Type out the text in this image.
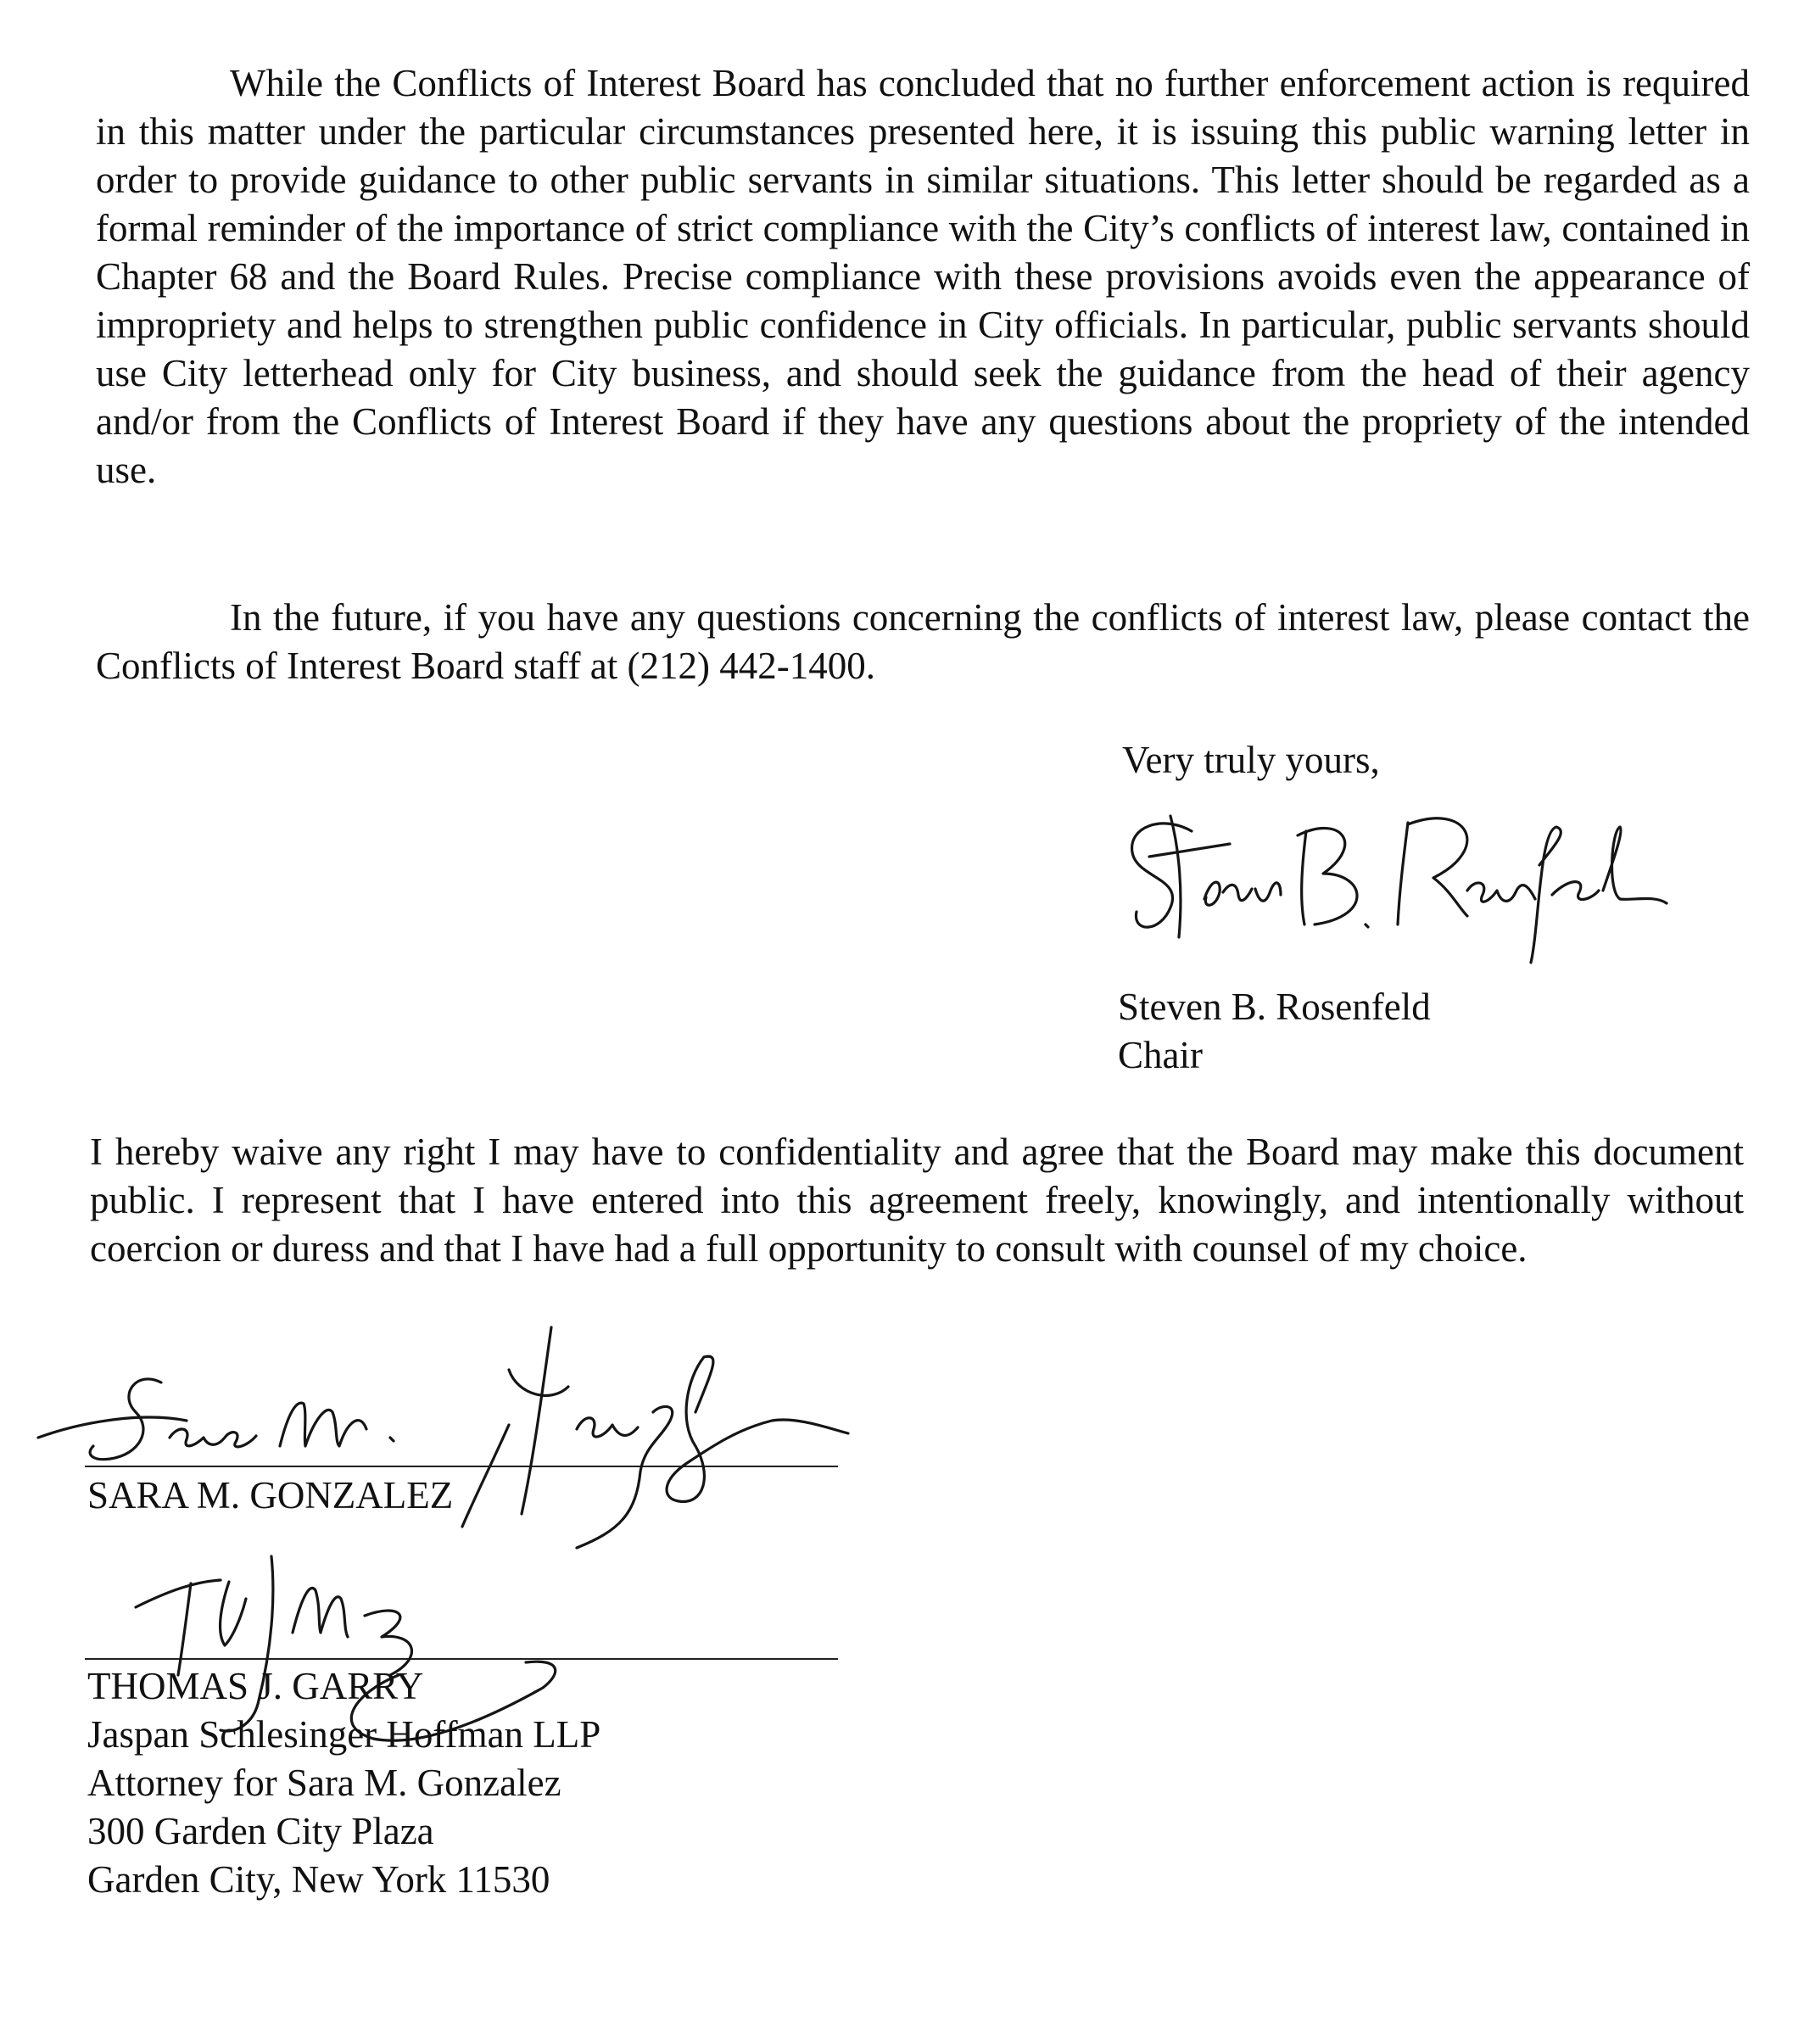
While the Conflicts of Interest Board has concluded that no further enforcement action is required in this matter under the particular circumstances presented here, it is issuing this public warning letter in order to provide guidance to other public servants in similar situations. This letter should be regarded as a formal reminder of the importance of strict compliance with the City’s conflicts of interest law, contained in Chapter 68 and the Board Rules. Precise compliance with these provisions avoids even the appearance of impropriety and helps to strengthen public confidence in City officials. In particular, public servants should use City letterhead only for City business, and should seek the guidance from the head of their agency and/or from the Conflicts of Interest Board if they have any questions about the propriety of the intended use.

In the future, if you have any questions concerning the conflicts of interest law, please contact the Conflicts of Interest Board staff at (212) 442-1400.

Very truly yours,
Steven B. Rosenfeld
Chair

I hereby waive any right I may have to confidentiality and agree that the Board may make this document public. I represent that I have entered into this agreement freely, knowingly, and intentionally without coercion or duress and that I have had a full opportunity to consult with counsel of my choice.

SARA M. GONZALEZ
THOMAS J. GARRY
Jaspan Schlesinger Hoffman LLP
Attorney for Sara M. Gonzalez
300 Garden City Plaza
Garden City, New York 11530
